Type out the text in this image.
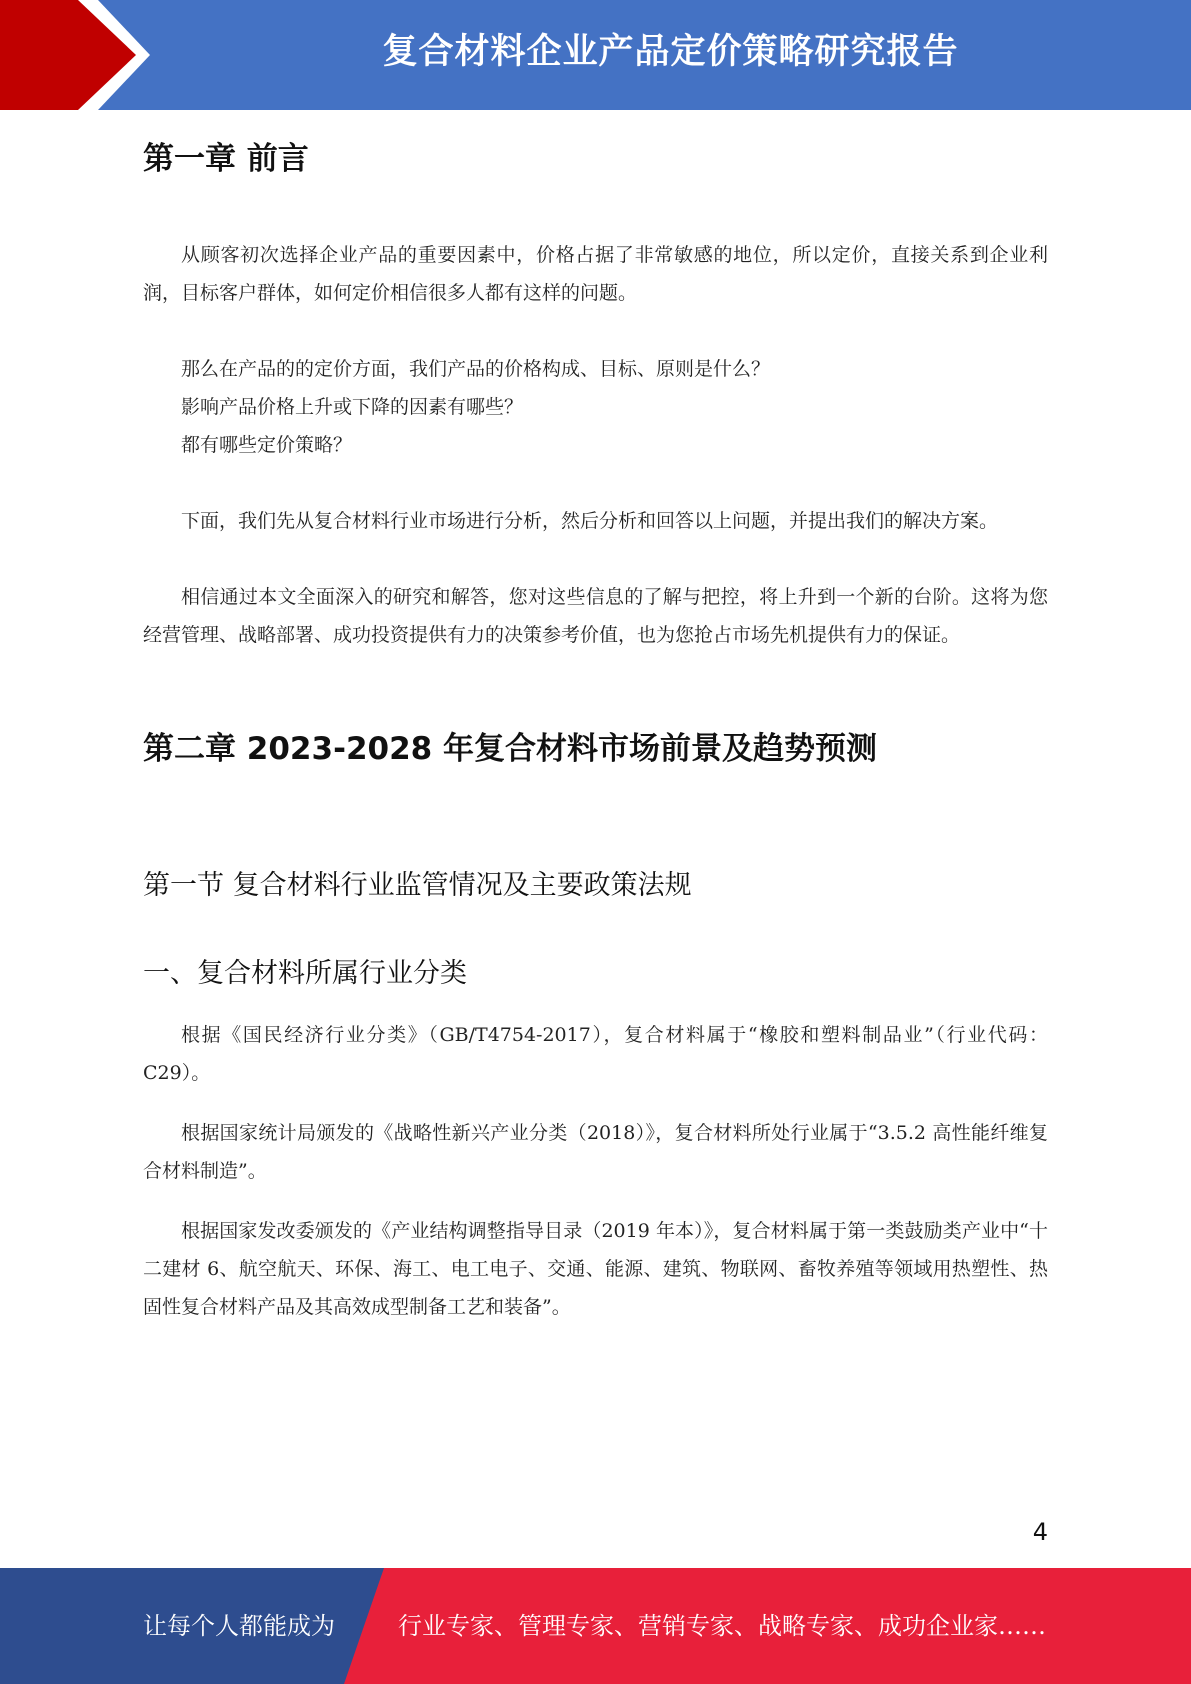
复合材料企业产品定价策略研究报告
第一章 前言

从顾客初次选择企业产品的重要因素中，价格占据了非常敏感的地位，所以定价，直接关系到企业利润，目标客户群体，如何定价相信很多人都有这样的问题。

那么在产品的的定价方面，我们产品的价格构成、目标、原则是什么？

影响产品价格上升或下降的因素有哪些？

都有哪些定价策略？

下面，我们先从复合材料行业市场进行分析，然后分析和回答以上问题，并提出我们的解决方案。

相信通过本文全面深入的研究和解答，您对这些信息的了解与把控，将上升到一个新的台阶。这将为您经营管理、战略部署、成功投资提供有力的决策参考价值，也为您抢占市场先机提供有力的保证。

第二章 2023-2028 年复合材料市场前景及趋势预测
第一节 复合材料行业监管情况及主要政策法规
一、复合材料所属行业分类

根据《国民经济行业分类》（GB/T4754-2017），复合材料属于“橡胶和塑料制品业”（行业代码：C29）。

根据国家统计局颁发的《战略性新兴产业分类（2018）》，复合材料所处行业属于“3.5.2 高性能纤维复合材料制造”。

根据国家发改委颁发的《产业结构调整指导目录（2019 年本）》，复合材料属于第一类鼓励类产业中“十二建材 6、航空航天、环保、海工、电工电子、交通、能源、建筑、物联网、畜牧养殖等领域用热塑性、热固性复合材料产品及其高效成型制备工艺和装备”。

4
让每个人都能成为	行业专家、管理专家、营销专家、战略专家、成功企业家……
